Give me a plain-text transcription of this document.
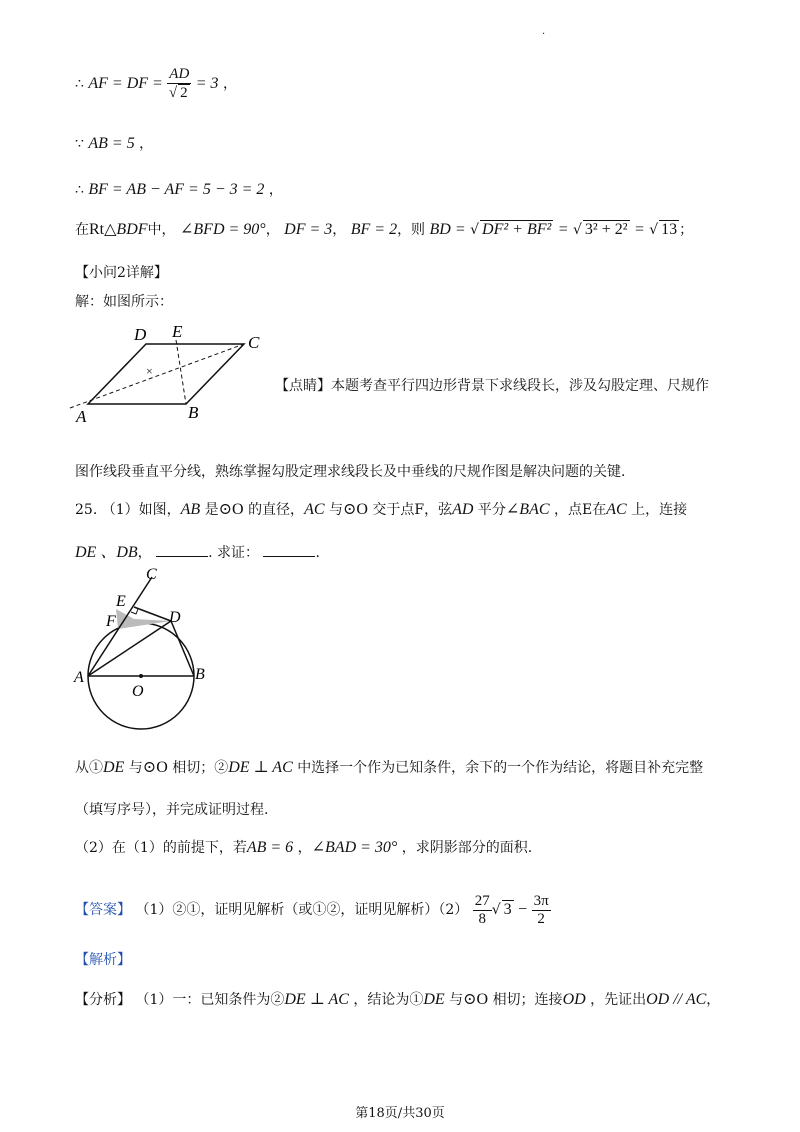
.
∴ AF = DF = $\frac{AD}{√ 2} = 3$ ，
∵ AB = 5 ，
∴ BF = AB − AF = 5 − 3 = 2 ，
在Rt△BDF中， ∠BFD = 90°， DF = 3， BF = 2，则 BD = √ DF² + BF² = √ 3² + 2² = √ 13 ；
【小问2详解】
解：如图所示：
×
D E
C
A	B
【点睛】本题考查平行四边形背景下求线段长，涉及勾股定理、尺规作
图作线段垂直平分线，熟练掌握勾股定理求线段长及中垂线的尺规作图是解决问题的关键.
25. （1）如图，AB 是⊙O 的直径，AC 与⊙O 交于点F，弦AD 平分∠BAC ，点E在AC 上，连接
DE 、DB，	. 求证：	.
C
E
F	D
A	B
O
从①DE 与⊙O 相切；②DE ⊥ AC 中选择一个作为已知条件，余下的一个作为结论，将题目补充完整
（填写序号），并完成证明过程.
（2）在（1）的前提下，若AB = 6 ，∠BAD = 30° ，求阴影部分的面积.
【答案】 （1）②①，证明见解析（或①②，证明见解析）$(2) \frac{27}{8}$ √ $3 - \frac{3\pi}{2}$
【解析】
【分析】 （1）一：已知条件为②DE ⊥ AC ，结论为①DE 与⊙O 相切；连接OD ，先证出OD // AC，
第18页/共30页
